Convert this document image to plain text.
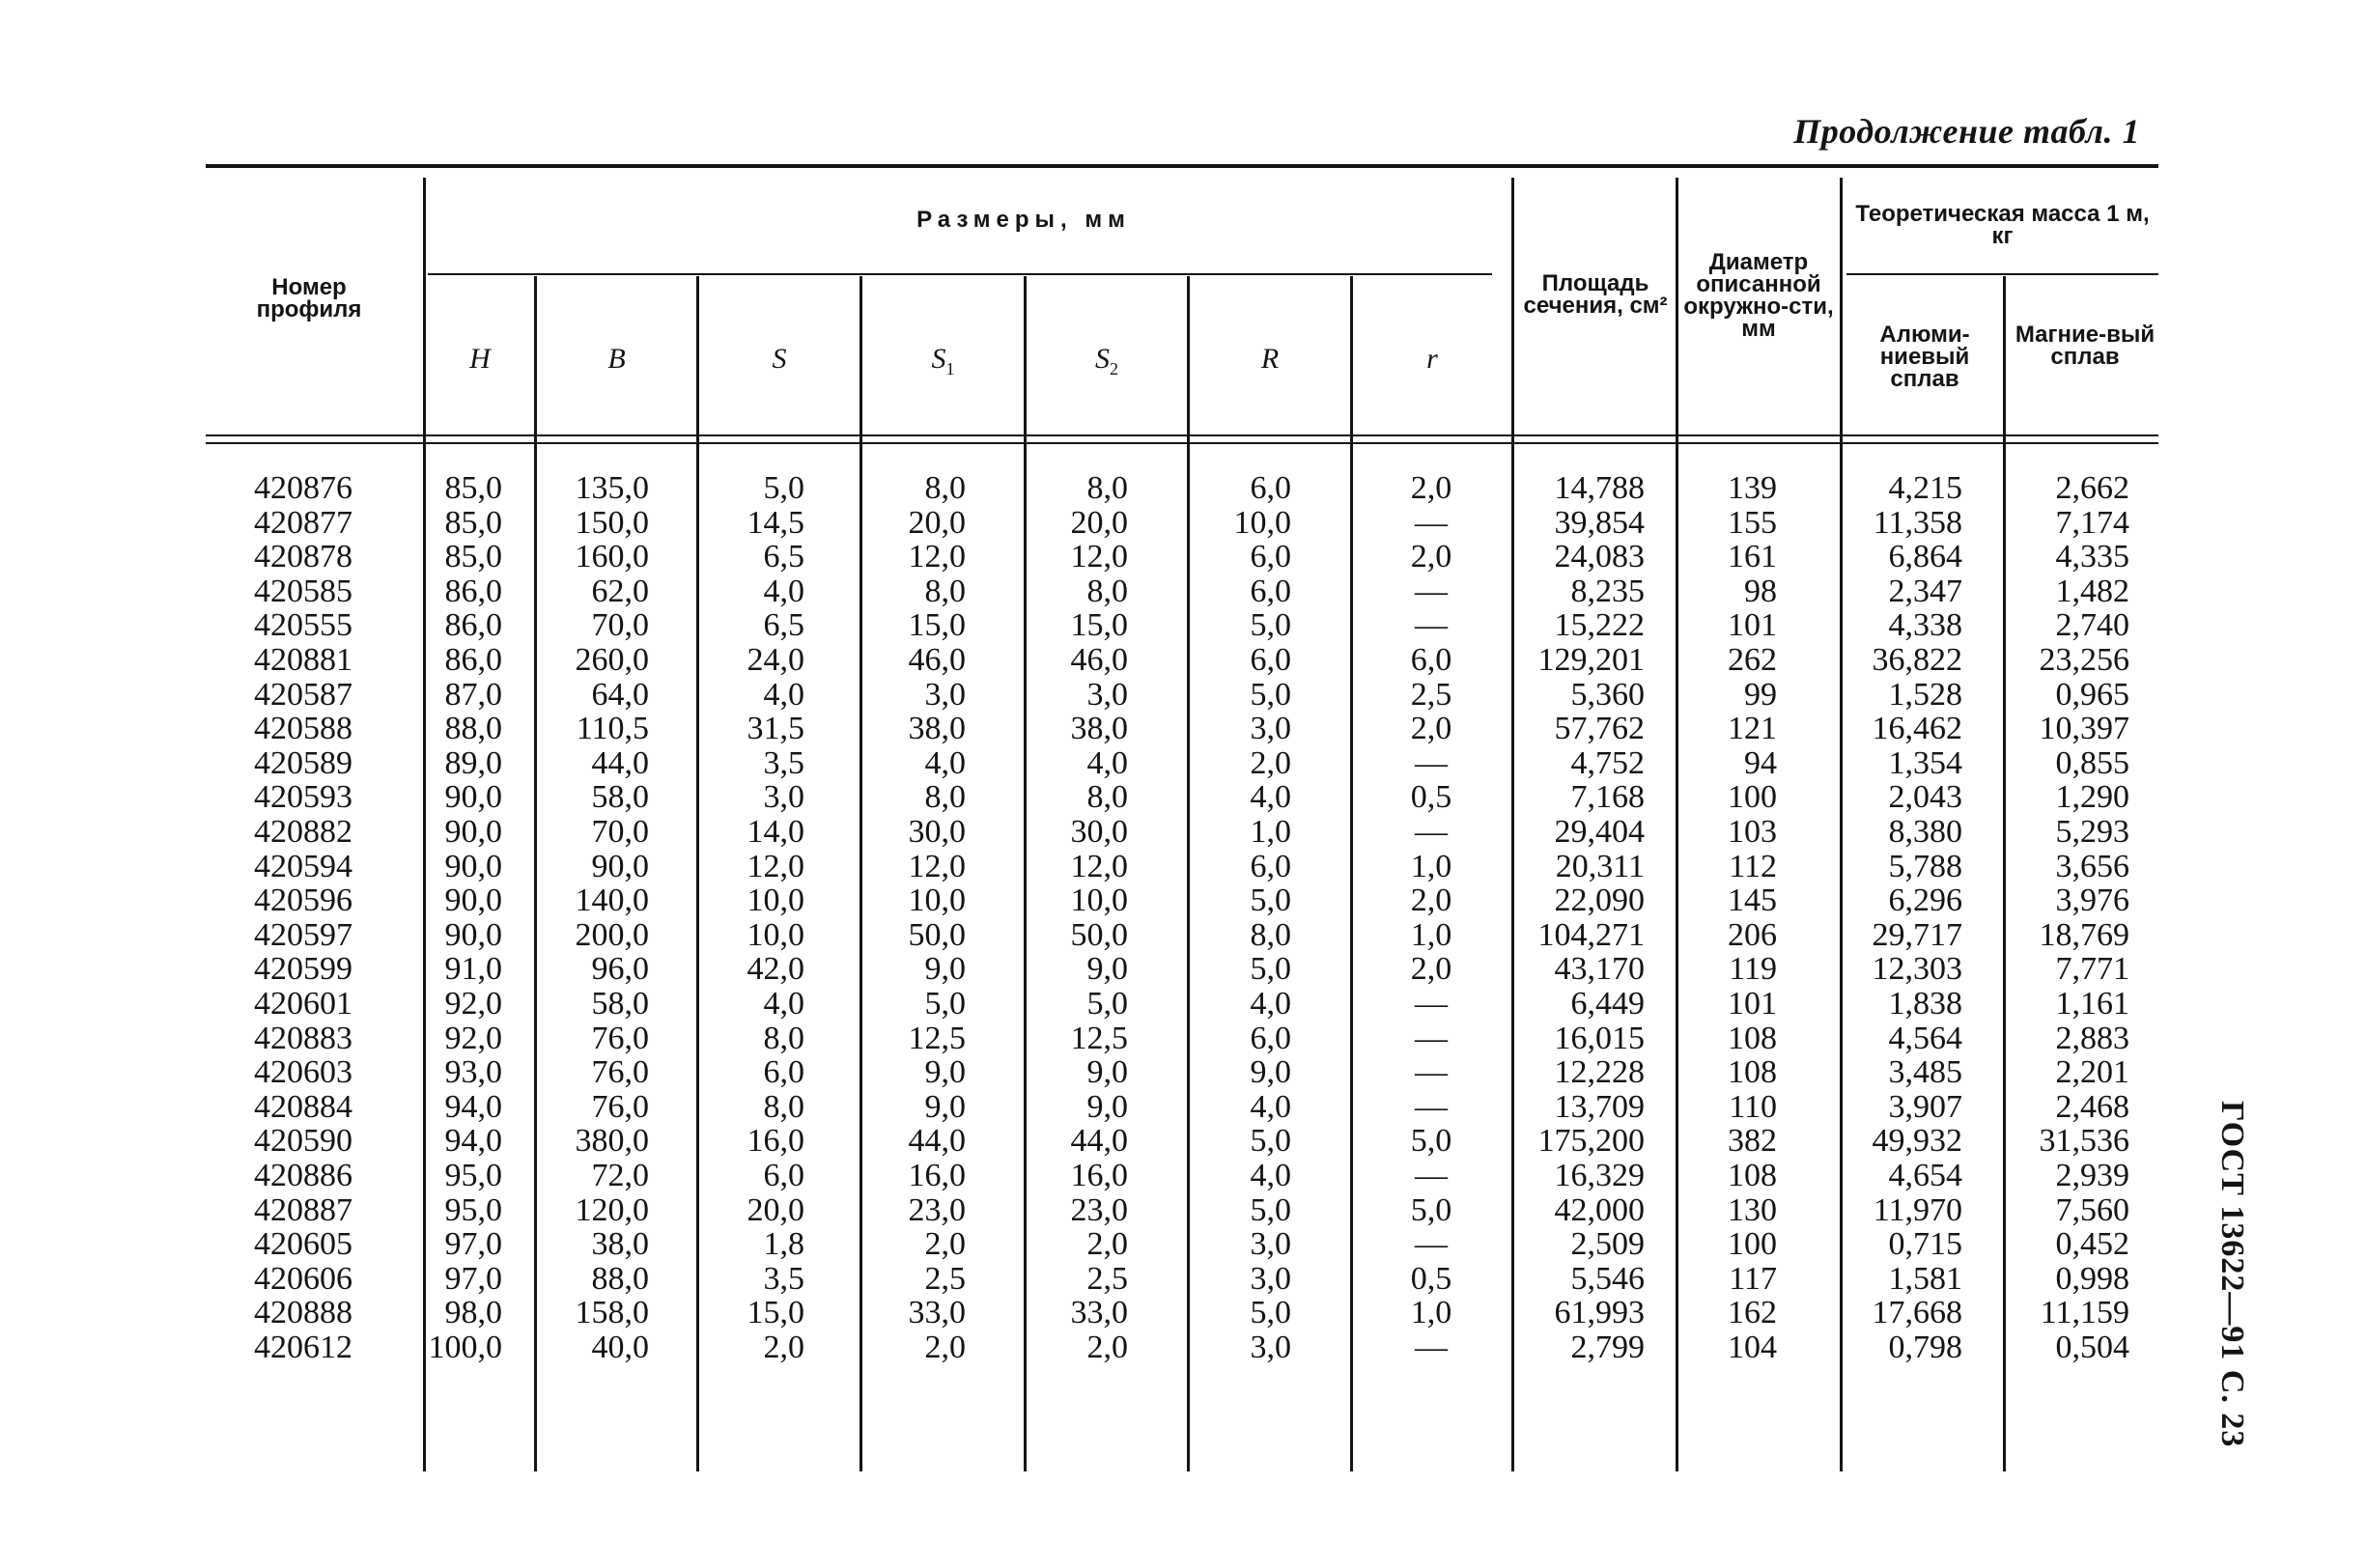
Продолжение табл. 1
ГОСТ 13622—91 С. 23
Номер профиля
Размеры, мм
Площадь сечения, см²
Диаметр описанной окружно-сти, мм
Теоретическая масса 1 м, кг
Алюми-ниевый сплав
Магние-вый сплав
H	B	S	$S_1$	$S_2$	R	r
420876	85,0	135,0	5,0	8,0	8,0	6,0	2,0	14,788	139	4,215	2,662
420877	85,0	150,0	14,5	20,0	20,0	10,0	—	39,854	155	11,358	7,174
420878	85,0	160,0	6,5	12,0	12,0	6,0	2,0	24,083	161	6,864	4,335
420585	86,0	62,0	4,0	8,0	8,0	6,0	—	8,235	98	2,347	1,482
420555	86,0	70,0	6,5	15,0	15,0	5,0	—	15,222	101	4,338	2,740
420881	86,0	260,0	24,0	46,0	46,0	6,0	6,0	129,201	262	36,822	23,256
420587	87,0	64,0	4,0	3,0	3,0	5,0	2,5	5,360	99	1,528	0,965
420588	88,0	110,5	31,5	38,0	38,0	3,0	2,0	57,762	121	16,462	10,397
420589	89,0	44,0	3,5	4,0	4,0	2,0	—	4,752	94	1,354	0,855
420593	90,0	58,0	3,0	8,0	8,0	4,0	0,5	7,168	100	2,043	1,290
420882	90,0	70,0	14,0	30,0	30,0	1,0	—	29,404	103	8,380	5,293
420594	90,0	90,0	12,0	12,0	12,0	6,0	1,0	20,311	112	5,788	3,656
420596	90,0	140,0	10,0	10,0	10,0	5,0	2,0	22,090	145	6,296	3,976
420597	90,0	200,0	10,0	50,0	50,0	8,0	1,0	104,271	206	29,717	18,769
420599	91,0	96,0	42,0	9,0	9,0	5,0	2,0	43,170	119	12,303	7,771
420601	92,0	58,0	4,0	5,0	5,0	4,0	—	6,449	101	1,838	1,161
420883	92,0	76,0	8,0	12,5	12,5	6,0	—	16,015	108	4,564	2,883
420603	93,0	76,0	6,0	9,0	9,0	9,0	—	12,228	108	3,485	2,201
420884	94,0	76,0	8,0	9,0	9,0	4,0	—	13,709	110	3,907	2,468
420590	94,0	380,0	16,0	44,0	44,0	5,0	5,0	175,200	382	49,932	31,536
420886	95,0	72,0	6,0	16,0	16,0	4,0	—	16,329	108	4,654	2,939
420887	95,0	120,0	20,0	23,0	23,0	5,0	5,0	42,000	130	11,970	7,560
420605	97,0	38,0	1,8	2,0	2,0	3,0	—	2,509	100	0,715	0,452
420606	97,0	88,0	3,5	2,5	2,5	3,0	0,5	5,546	117	1,581	0,998
420888	98,0	158,0	15,0	33,0	33,0	5,0	1,0	61,993	162	17,668	11,159
420612	100,0	40,0	2,0	2,0	2,0	3,0	—	2,799	104	0,798	0,504
